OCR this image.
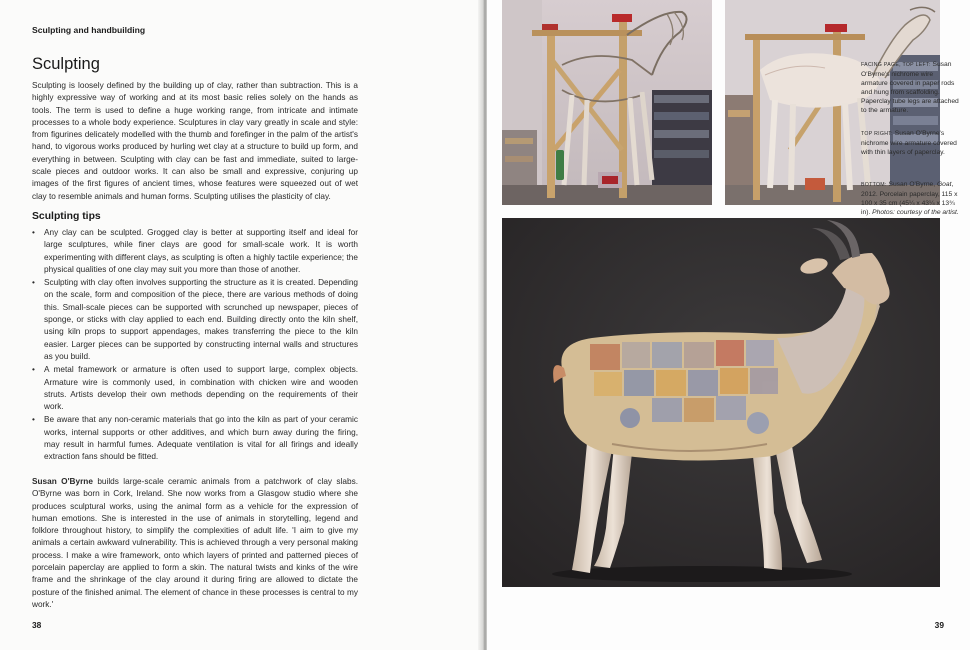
Sculpting and handbuilding
Sculpting

Sculpting is loosely defined by the building up of clay, rather than subtraction. This is a highly expressive way of working and at its most basic relies solely on the hands as tools. The term is used to define a huge working range, from intricate and intimate processes to a whole body experience. Sculptures in clay vary greatly in scale and style: from figurines delicately modelled with the thumb and forefinger in the palm of the artist's hand, to vigorous works produced by hurling wet clay at a structure to build up form, and everything in between. Sculpting with clay can be fast and immediate, suited to large-scale pieces and outdoor works. It can also be small and expressive, conjuring up images of the first figures of ancient times, whose features were squeezed out of wet clay to resemble animals and human forms. Sculpting utilises the plasticity of clay.

Sculpting tips
• Any clay can be sculpted. Grogged clay is better at supporting itself and ideal for large sculptures, while finer clays are good for small-scale work. It is worth experimenting with different clays, as sculpting is often a highly tactile experience; the physical qualities of one clay may suit you more than those of another.
• Sculpting with clay often involves supporting the structure as it is created. Depending on the scale, form and composition of the piece, there are various methods of doing this. Small-scale pieces can be supported with scrunched up newspaper, pieces of sponge, or sticks with clay applied to each end. Building directly onto the kiln shelf, using kiln props to support appendages, makes transferring the piece to the kiln easier. Larger pieces can be supported by constructing internal walls and structures as you build.
• A metal framework or armature is often used to support large, complex objects. Armature wire is commonly used, in combination with chicken wire and wooden struts. Artists develop their own methods depending on the requirements of their work.
• Be aware that any non-ceramic materials that go into the kiln as part of your ceramic works, internal supports or other additives, and which burn away during the firing, may result in harmful fumes. Adequate ventilation is vital for all firings and ideally extraction fans should be fitted.

Susan O'Byrne builds large-scale ceramic animals from a patchwork of clay slabs. O'Byrne was born in Cork, Ireland. She now works from a Glasgow studio where she produces sculptural works, using the animal form as a vehicle for the expression of human emotions. She is interested in the use of animals in storytelling, legend and folklore throughout history, to simplify the complexities of adult life. 'I aim to give my animals a certain awkward vulnerability. This is achieved through a very personal making process. I make a wire framework, onto which layers of printed and patterned pieces of porcelain paperclay are applied to form a skin. The natural twists and kinks of the wire frame and the shrinkage of the clay around it during firing are allowed to dictate the posture of the finished animal. The element of chance in these processes is central to my work.'

38

FACING PAGE, TOP LEFT: Susan O'Byrne's nichrome wire armature covered in paper rods and hung from scaffolding. Paperclay tube legs are attached to the armature.

TOP RIGHT: Susan O'Byrne's nichrome wire armature covered with thin layers of paperclay.

BOTTOM: Susan O'Byrne, Goat, 2012. Porcelain paperclay, 115 x 100 x 35 cm (45¼ x 43¼ x 13¾ in). Photos: courtesy of the artist.

39
